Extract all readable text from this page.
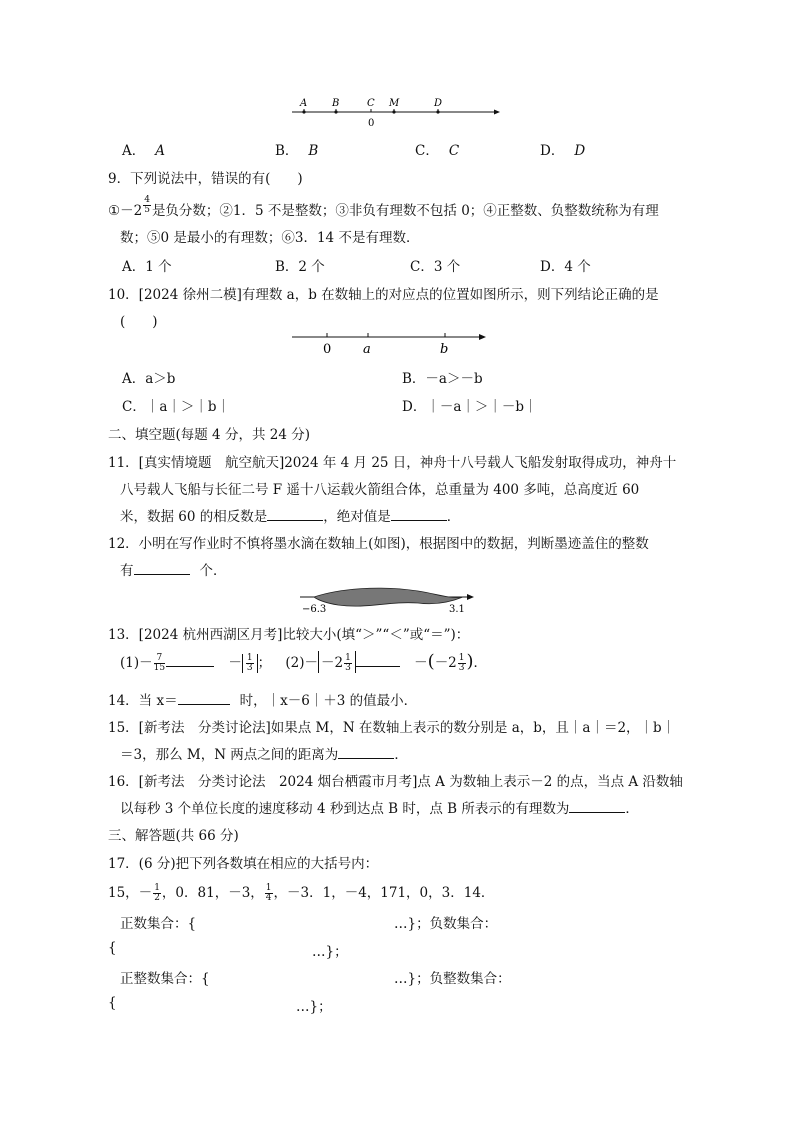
A B	C M	D
0
A． A	B． B	C． C	D． D
9．下列说法中，错误的有(　　)
①－2 $\frac{4}{5}$ 是负分数；②1．5 不是整数；③非负有理数不包括 0；④正整数、负整数统称为有理
数；⑤0 是最小的有理数；⑥3．14 不是有理数．
A．1 个	B．2 个	C．3 个	D．4 个
10．[2024 徐州二模]有理数 a，b 在数轴上的对应点的位置如图所示，则下列结论正确的是
(　　)
0 a	b
A．a＞b	B．－a＞－b
C．｜a｜＞｜b｜	D．｜－a｜＞｜－b｜
二、填空题(每题 4 分，共 24 分)
11．[真实情境题　航空航天]2024 年 4 月 25 日，神舟十八号载人飞船发射取得成功，神舟十
八号载人飞船与长征二号 F 遥十八运载火箭组合体，总重量为 400 多吨，总高度近 60
米，数据 60 的相反数是	，绝对值是	．
12．小明在写作业时不慎将墨水滴在数轴上(如图)，根据图中的数据，判断墨迹盖住的整数
有	个．
−6.3	3.1
13．[2024 杭州西湖区月考]比较大小(填“＞”“＜”或“＝”)：
$(1)- \frac{7}{15}$	－ $\frac{1}{3}$ ； $(2)- -2 \frac{1}{3}$	$-(-2 \frac{1}{3}$ )．
14．当 x＝	时，｜x－6｜＋3 的值最小．
15．[新考法　分类讨论法]如果点 M，N 在数轴上表示的数分别是 a，b，且｜a｜＝2，｜b｜
＝3，那么 M，N 两点之间的距离为	．
16．[新考法　分类讨论法　2024 烟台栖霞市月考]点 A 为数轴上表示－2 的点，当点 A 沿数轴
以每秒 3 个单位长度的速度移动 4 秒到达点 B 时，点 B 所表示的有理数为	．
三、解答题(共 66 分)
17．(6 分)把下列各数填在相应的大括号内：
15，－ $\frac{1}{2}$ ，0．81，－3， $\frac{1}{4}$ ，－3．1，－4，171，0，3．14．
正数集合：{	…}；负数集合：
{	…}；
正整数集合：{	…}；负整数集合：
{	…}；
